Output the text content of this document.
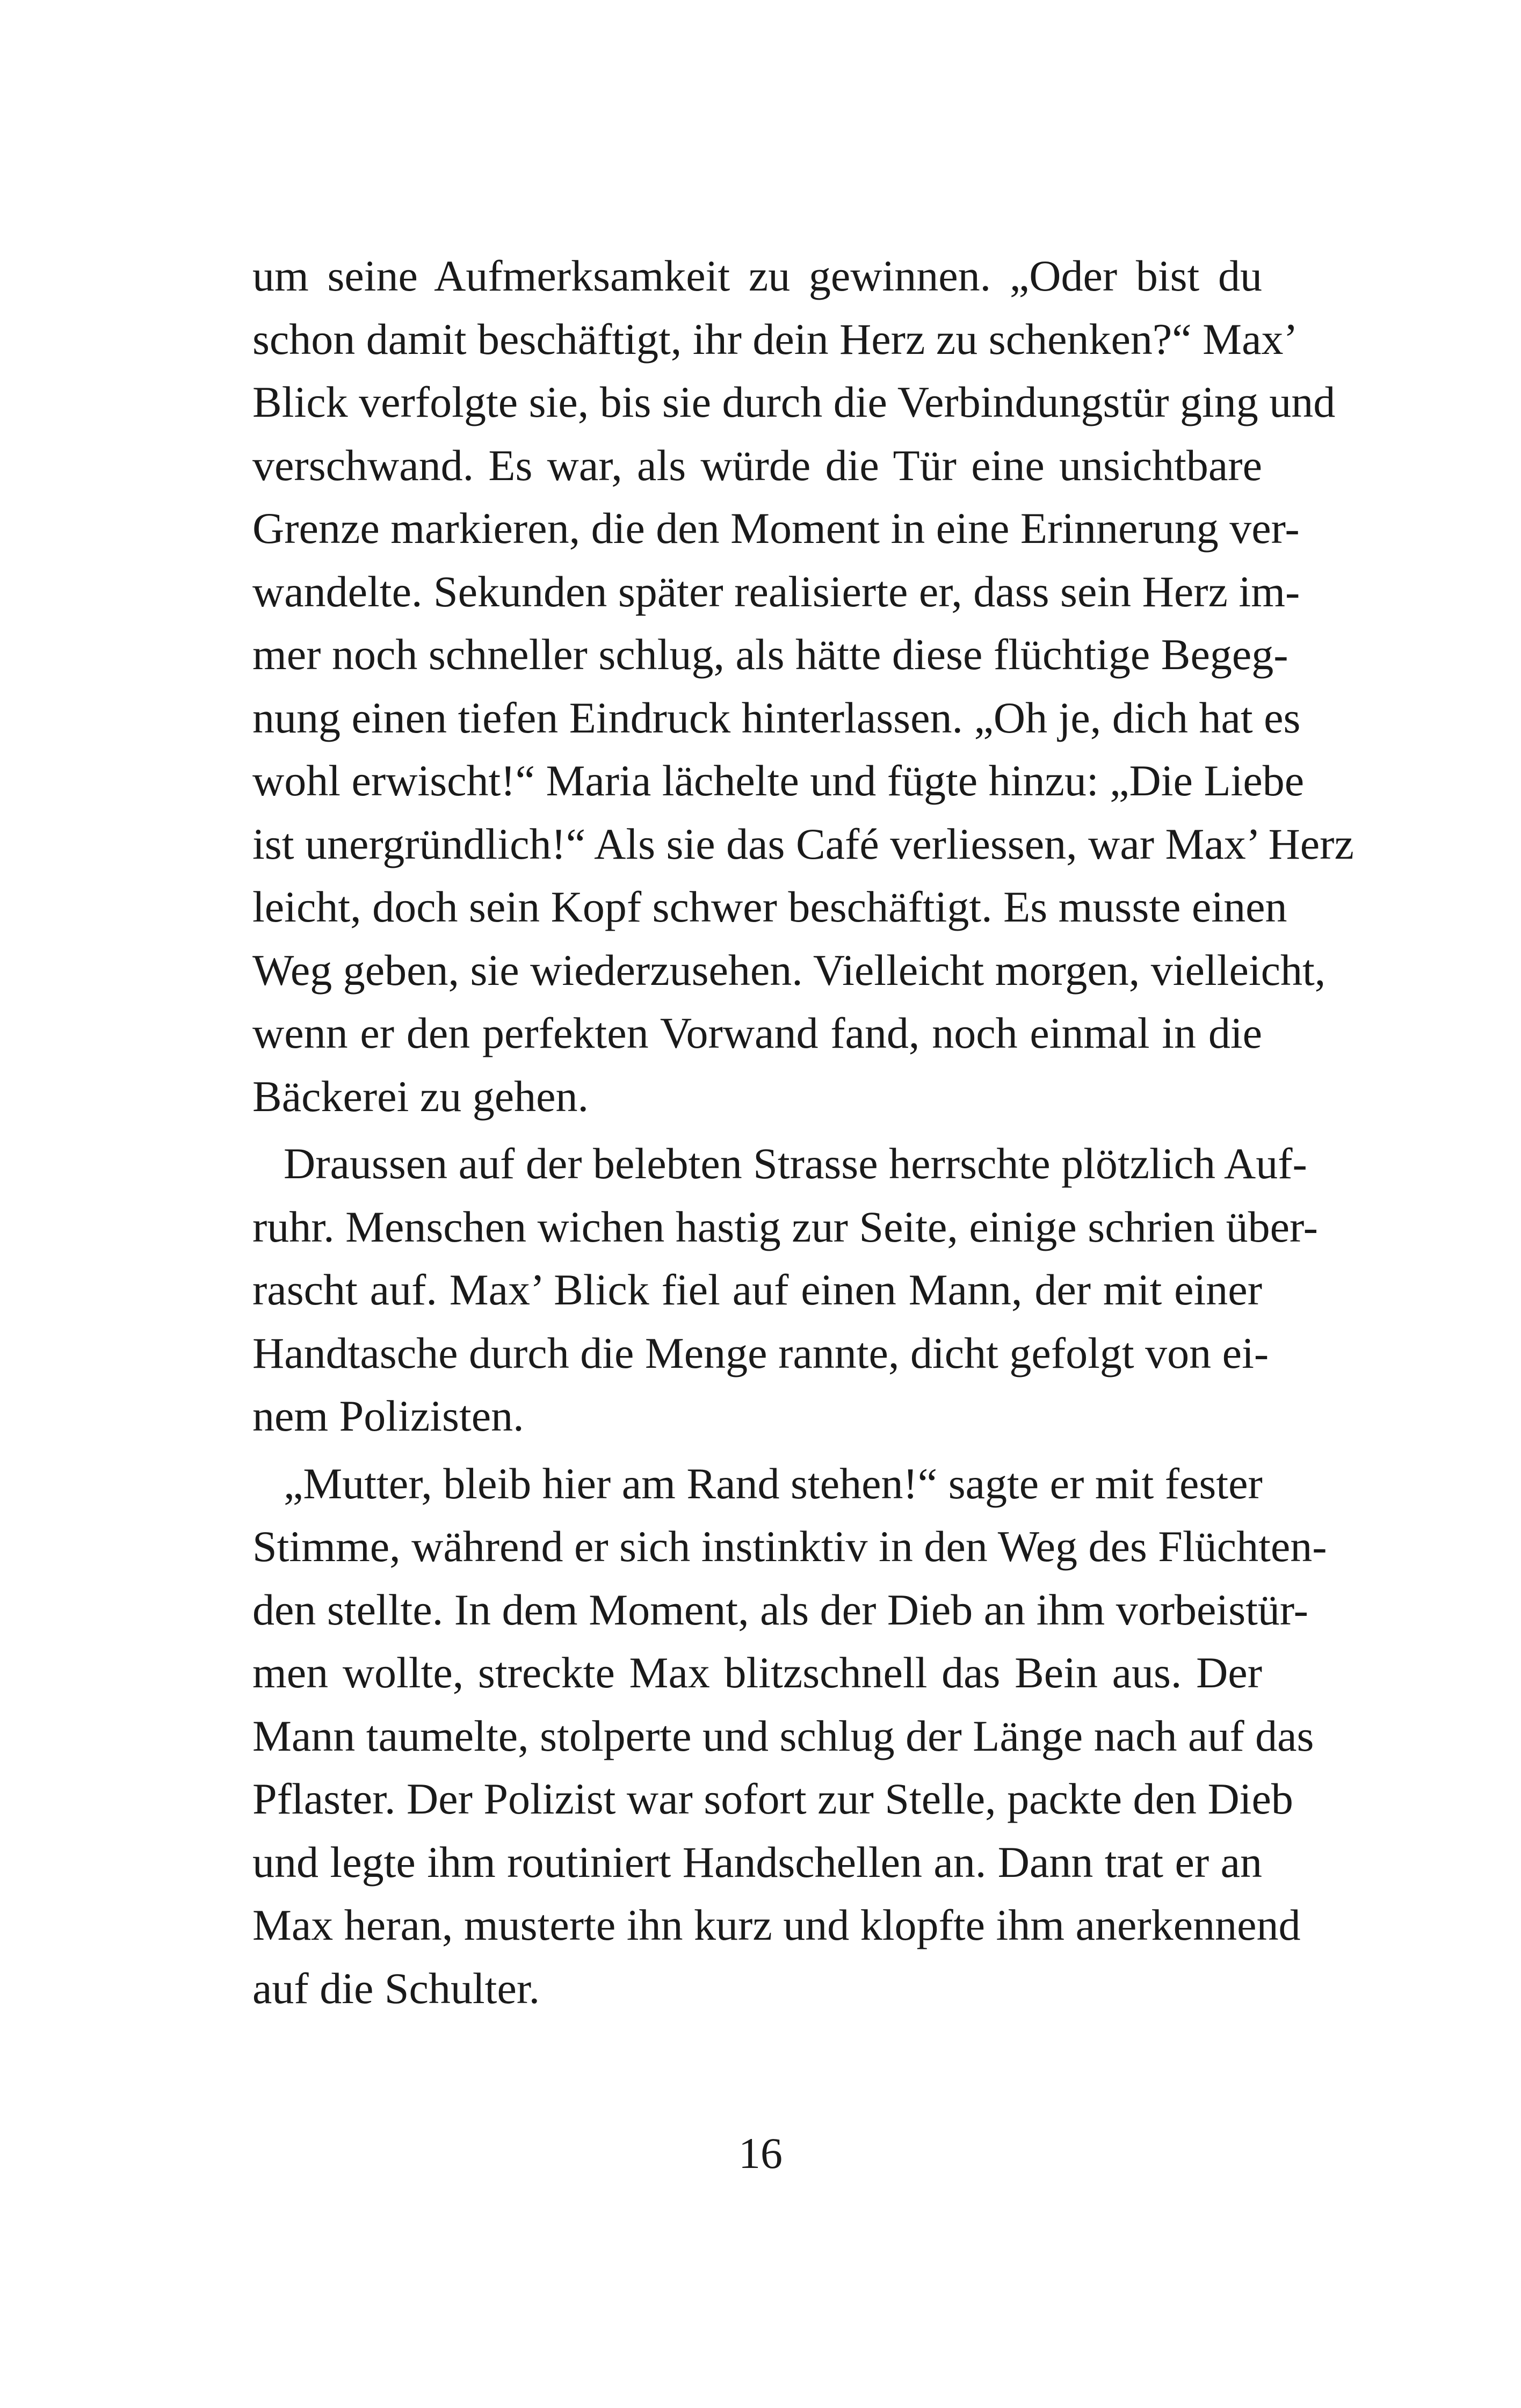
um seine Aufmerksamkeit zu gewinnen. „Oder bist du
schon damit beschäftigt, ihr dein Herz zu schenken?“ Max’
Blick verfolgte sie, bis sie durch die Verbindungstür ging und
verschwand. Es war, als würde die Tür eine unsichtbare
Grenze markieren, die den Moment in eine Erinnerung ver-
wandelte. Sekunden später realisierte er, dass sein Herz im-
mer noch schneller schlug, als hätte diese flüchtige Begeg-
nung einen tiefen Eindruck hinterlassen. „Oh je, dich hat es
wohl erwischt!“ Maria lächelte und fügte hinzu: „Die Liebe
ist unergründlich!“ Als sie das Café verliessen, war Max’ Herz
leicht, doch sein Kopf schwer beschäftigt. Es musste einen
Weg geben, sie wiederzusehen. Vielleicht morgen, vielleicht,
wenn er den perfekten Vorwand fand, noch einmal in die
Bäckerei zu gehen.
Draussen auf der belebten Strasse herrschte plötzlich Auf-
ruhr. Menschen wichen hastig zur Seite, einige schrien über-
rascht auf. Max’ Blick fiel auf einen Mann, der mit einer
Handtasche durch die Menge rannte, dicht gefolgt von ei-
nem Polizisten.
„Mutter, bleib hier am Rand stehen!“ sagte er mit fester
Stimme, während er sich instinktiv in den Weg des Flüchten-
den stellte. In dem Moment, als der Dieb an ihm vorbeistür-
men wollte, streckte Max blitzschnell das Bein aus. Der
Mann taumelte, stolperte und schlug der Länge nach auf das
Pflaster. Der Polizist war sofort zur Stelle, packte den Dieb
und legte ihm routiniert Handschellen an. Dann trat er an
Max heran, musterte ihn kurz und klopfte ihm anerkennend
auf die Schulter.
16
